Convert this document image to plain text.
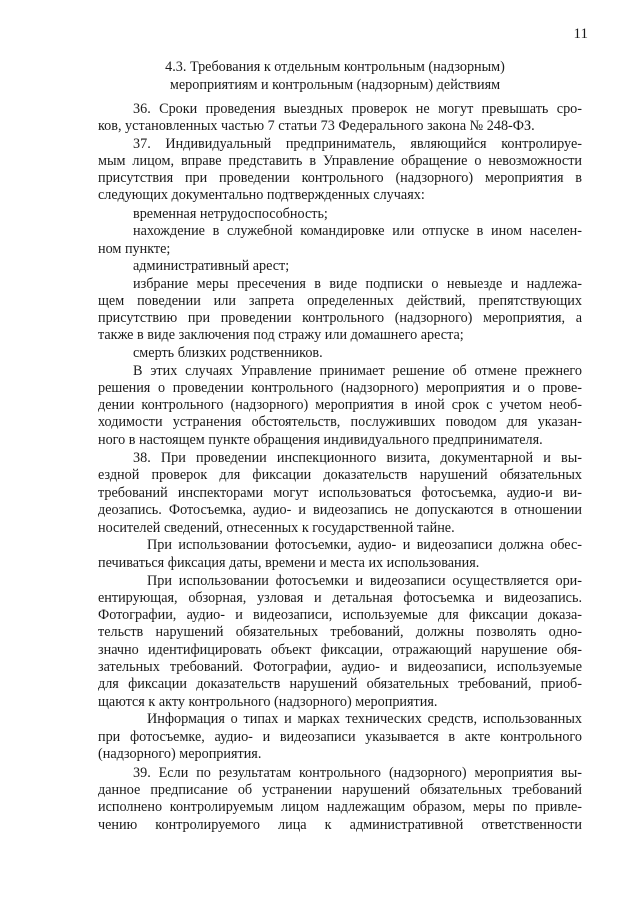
11
4.3. Требования к отдельным контрольным (надзорным)
мероприятиям и контрольным (надзорным) действиям
36. Сроки проведения выездных проверок не могут превышать сро-
ков, установленных частью 7 статьи 73 Федерального закона № 248-ФЗ.
37. Индивидуальный предприниматель, являющийся контролируе-
мым лицом, вправе представить в Управление обращение о невозможности
присутствия при проведении контрольного (надзорного) мероприятия в
следующих документально подтвержденных случаях:
временная нетрудоспособность;
нахождение в служебной командировке или отпуске в ином населен-
ном пункте;
административный арест;
избрание меры пресечения в виде подписки о невыезде и надлежа-
щем поведении или запрета определенных действий, препятствующих
присутствию при проведении контрольного (надзорного) мероприятия, а
также в виде заключения под стражу или домашнего ареста;
смерть близких родственников.
В этих случаях Управление принимает решение об отмене прежнего
решения о проведении контрольного (надзорного) мероприятия и о прове-
дении контрольного (надзорного) мероприятия в иной срок с учетом необ-
ходимости устранения обстоятельств, послуживших поводом для указан-
ного в настоящем пункте обращения индивидуального предпринимателя.
38. При проведении инспекционного визита, документарной и вы-
ездной проверок для фиксации доказательств нарушений обязательных
требований инспекторами могут использоваться фотосъемка, аудио-и ви-
деозапись. Фотосъемка, аудио- и видеозапись не допускаются в отношении
носителей сведений, отнесенных к государственной тайне.
При использовании фотосъемки, аудио- и видеозаписи должна обес-
печиваться фиксация даты, времени и места их использования.
При использовании фотосъемки и видеозаписи осуществляется ори-
ентирующая, обзорная, узловая и детальная фотосъемка и видеозапись.
Фотографии, аудио- и видеозаписи, используемые для фиксации доказа-
тельств нарушений обязательных требований, должны позволять одно-
значно идентифицировать объект фиксации, отражающий нарушение обя-
зательных требований. Фотографии, аудио- и видеозаписи, используемые
для фиксации доказательств нарушений обязательных требований, приоб-
щаются к акту контрольного (надзорного) мероприятия.
Информация о типах и марках технических средств, использованных
при фотосъемке, аудио- и видеозаписи указывается в акте контрольного
(надзорного) мероприятия.
39. Если по результатам контрольного (надзорного) мероприятия вы-
данное предписание об устранении нарушений обязательных требований
исполнено контролируемым лицом надлежащим образом, меры по привле-
чению контролируемого лица к административной ответственности
